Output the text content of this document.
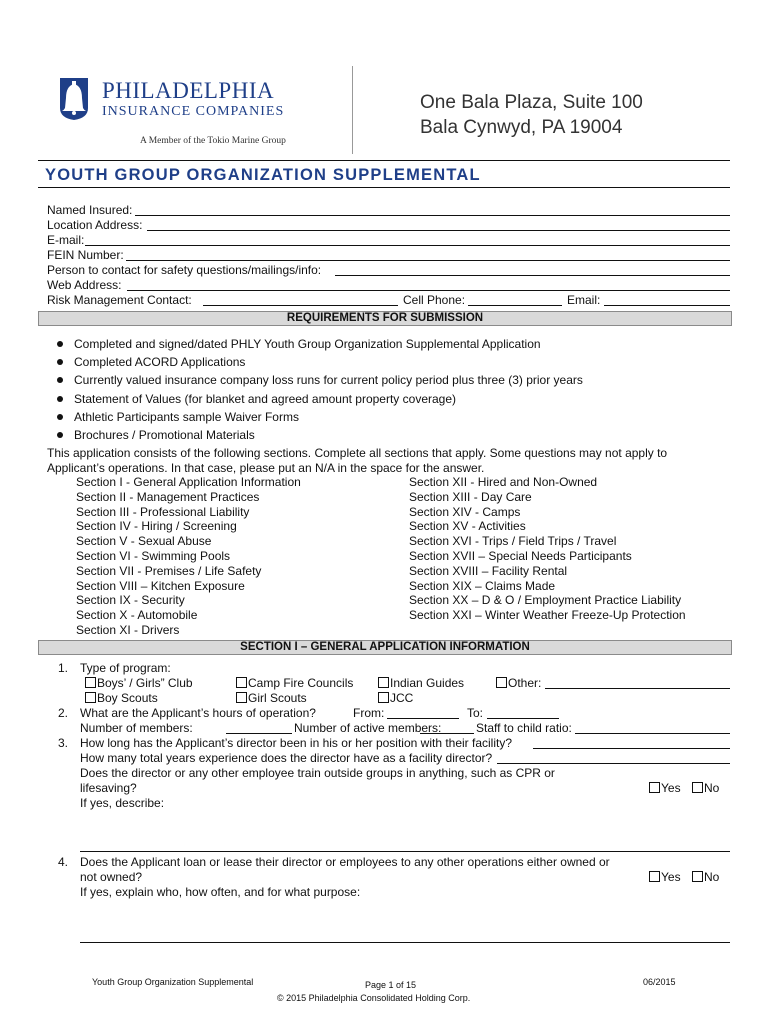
PHILADELPHIA
INSURANCE COMPANIES
A Member of the Tokio Marine Group
One Bala Plaza, Suite 100
Bala Cynwyd, PA 19004
YOUTH GROUP ORGANIZATION SUPPLEMENTAL
Named Insured:
Location Address:
E-mail:
FEIN Number:
Person to contact for safety questions/mailings/info:
Web Address:
Risk Management Contact:	Cell Phone:	Email:
REQUIREMENTS FOR SUBMISSION
Completed and signed/dated PHLY Youth Group Organization Supplemental Application
Completed ACORD Applications
Currently valued insurance company loss runs for current policy period plus three (3) prior years
Statement of Values (for blanket and agreed amount property coverage)
Athletic Participants sample Waiver Forms
Brochures / Promotional Materials
This application consists of the following sections. Complete all sections that apply. Some questions may not apply to
Applicant’s operations. In that case, please put an N/A in the space for the answer.
Section I - General Application Information
Section II - Management Practices
Section III - Professional Liability
Section IV - Hiring / Screening
Section V - Sexual Abuse
Section VI - Swimming Pools
Section VII - Premises / Life Safety
Section VIII – Kitchen Exposure
Section IX - Security
Section X - Automobile
Section XI - Drivers
Section XII - Hired and Non-Owned
Section XIII - Day Care
Section XIV - Camps
Section XV - Activities
Section XVI - Trips / Field Trips / Travel
Section XVII – Special Needs Participants
Section XVIII – Facility Rental
Section XIX – Claims Made
Section XX – D & O / Employment Practice Liability
Section XXI – Winter Weather Freeze-Up Protection
SECTION I – GENERAL APPLICATION INFORMATION
1. Type of program:
Boys’ / Girls” Club	Camp Fire Councils	Indian Guides	Other:
Boy Scouts	Girl Scouts	JCC
2. What are the Applicant’s hours of operation?	From:	To:
Number of members:	Number of active members:	Staff to child ratio:
3. How long has the Applicant’s director been in his or her position with their facility?
How many total years experience does the director have as a facility director?
Does the director or any other employee train outside groups in anything, such as CPR or
lifesaving?	Yes	No
If yes, describe:
4. Does the Applicant loan or lease their director or employees to any other operations either owned or
not owned?	Yes	No
If yes, explain who, how often, and for what purpose:
Youth Group Organization Supplemental	Page 1 of 15
© 2015 Philadelphia Consolidated Holding Corp.
06/2015
